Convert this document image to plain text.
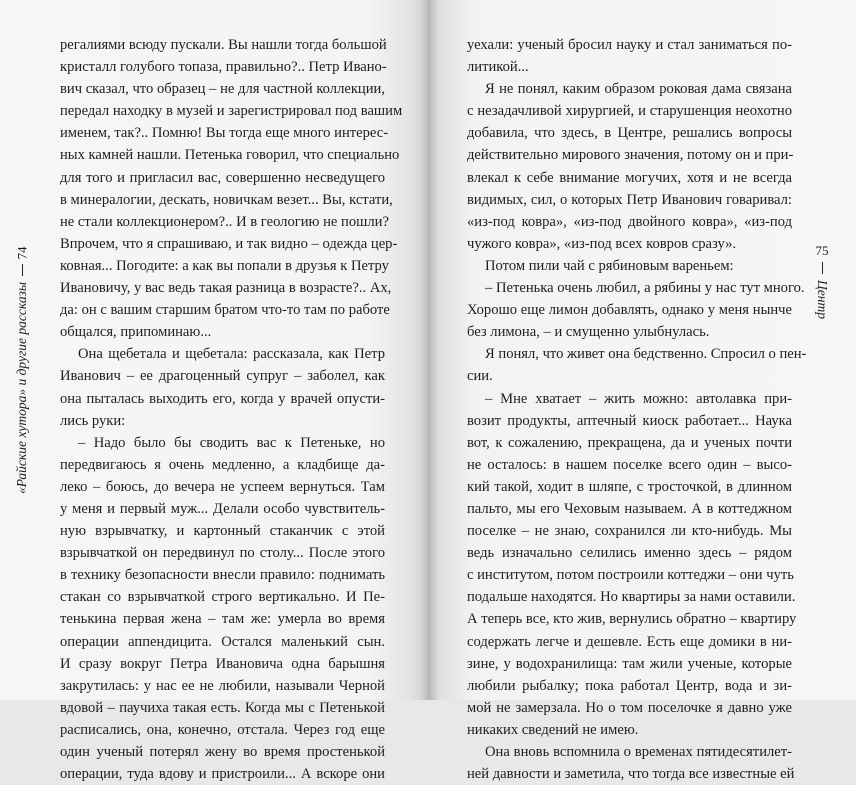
74
«Райские хутора» и другие рассказы
регалиями всюду пускали. Вы нашли тогда большой
кристалл голубого топаза, правильно?.. Петр Ивано-
вич сказал, что образец – не для частной коллекции,
передал находку в музей и зарегистрировал под вашим
именем, так?.. Помню! Вы тогда еще много интерес-
ных камней нашли. Петенька говорил, что специально
для того и пригласил вас, совершенно несведущего
в минералогии, дескать, новичкам везет... Вы, кстати,
не стали коллекционером?.. И в геологию не пошли?
Впрочем, что я спрашиваю, и так видно – одежда цер-
ковная... Погодите: а как вы попали в друзья к Петру
Ивановичу, у вас ведь такая разница в возрасте?.. Ах,
да: он с вашим старшим братом что-то там по работе
общался, припоминаю...
Она щебетала и щебетала: рассказала, как Петр
Иванович – ее драгоценный супруг – заболел, как
она пыталась выходить его, когда у врачей опусти-
лись руки:
– Надо было бы сводить вас к Петеньке, но
передвигаюсь я очень медленно, а кладбище да-
леко – боюсь, до вечера не успеем вернуться. Там
у меня и первый муж... Делали особо чувствитель-
ную взрывчатку, и картонный стаканчик с этой
взрывчаткой он передвинул по столу... После этого
в технику безопасности внесли правило: поднимать
стакан со взрывчаткой строго вертикально. И Пе-
тенькина первая жена – там же: умерла во время
операции аппендицита. Остался маленький сын.
И сразу вокруг Петра Ивановича одна барышня
закрутилась: у нас ее не любили, называли Черной
вдовой – паучиха такая есть. Когда мы с Петенькой
расписались, она, конечно, отстала. Через год еще
один ученый потерял жену во время простенькой
операции, туда вдову и пристроили... А вскоре они
уехали: ученый бросил науку и стал заниматься по-
литикой...
Я не понял, каким образом роковая дама связана
с незадачливой хирургией, и старушенция неохотно
добавила, что здесь, в Центре, решались вопросы
действительно мирового значения, потому он и при-
влекал к себе внимание могучих, хотя и не всегда
видимых, сил, о которых Петр Иванович говаривал:
«из-под ковра», «из-под двойного ковра», «из-под
чужого ковра», «из-под всех ковров сразу».
Потом пили чай с рябиновым вареньем:
– Петенька очень любил, а рябины у нас тут много.
Хорошо еще лимон добавлять, однако у меня нынче
без лимона, – и смущенно улыбнулась.
Я понял, что живет она бедственно. Спросил о пен-
сии.
– Мне хватает – жить можно: автолавка при-
возит продукты, аптечный киоск работает... Наука
вот, к сожалению, прекращена, да и ученых почти
не осталось: в нашем поселке всего один – высо-
кий такой, ходит в шляпе, с тросточкой, в длинном
пальто, мы его Чеховым называем. А в коттеджном
поселке – не знаю, сохранился ли кто-нибудь. Мы
ведь изначально селились именно здесь – рядом
с институтом, потом построили коттеджи – они чуть
подальше находятся. Но квартиры за нами оставили.
А теперь все, кто жив, вернулись обратно – квартиру
содержать легче и дешевле. Есть еще домики в ни-
зине, у водохранилища: там жили ученые, которые
любили рыбалку; пока работал Центр, вода и зи-
мой не замерзала. Но о том поселочке я давно уже
никаких сведений не имею.
Она вновь вспомнила о временах пятидесятилет-
ней давности и заметила, что тогда все известные ей
75
Центр
